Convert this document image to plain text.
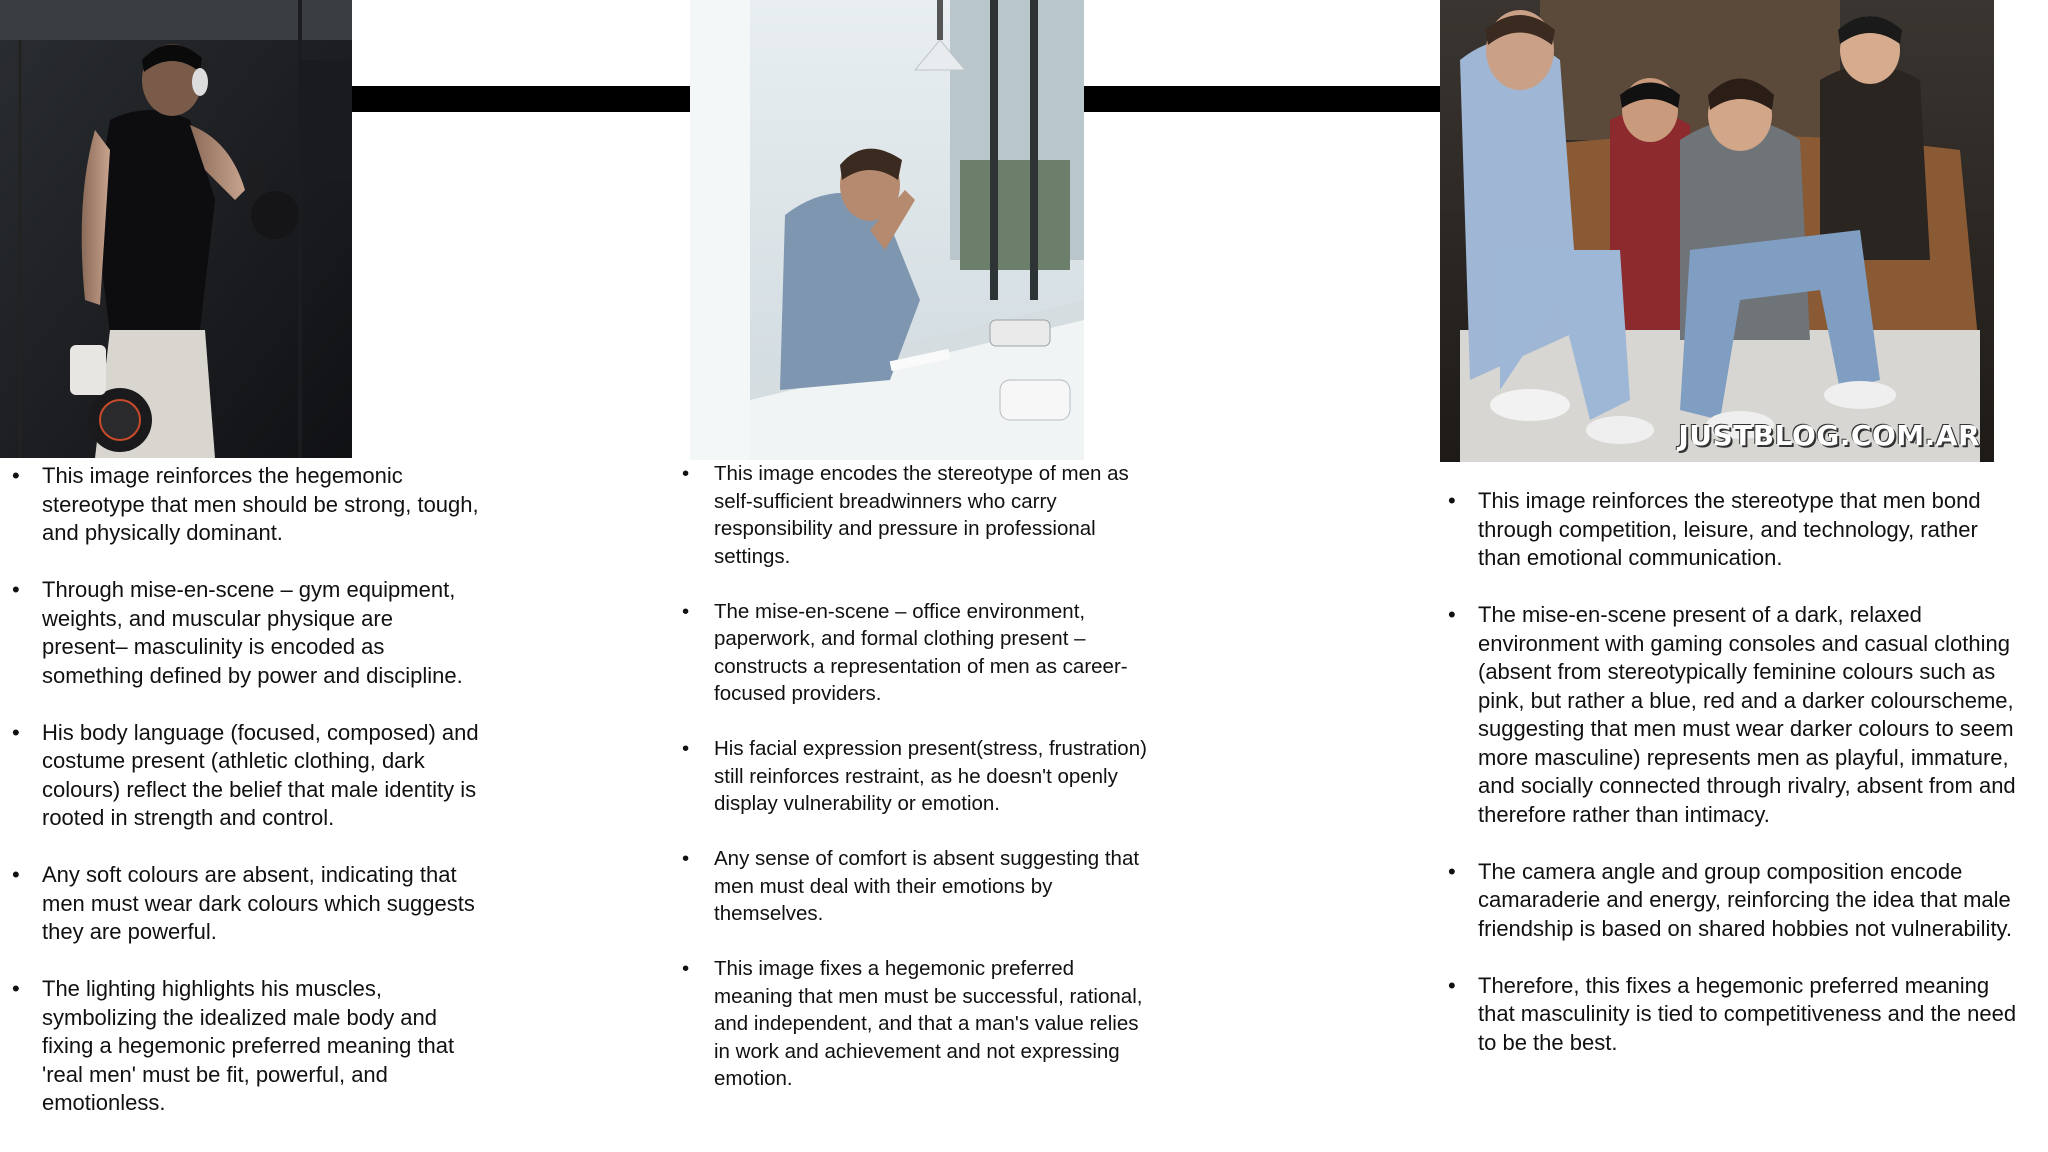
JUSTBLOG.COM.AR
• This image reinforces the hegemonic stereotype that men should be strong, tough, and physically dominant.
• Through mise-en-scene – gym equipment, weights, and muscular physique are present– masculinity is encoded as something defined by power and discipline.
• His body language (focused, composed) and costume present (athletic clothing, dark colours) reflect the belief that male identity is rooted in strength and control.
• Any soft colours are absent, indicating that men must wear dark colours which suggests they are powerful.
• The lighting highlights his muscles, symbolizing the idealized male body and fixing a hegemonic preferred meaning that 'real men' must be fit, powerful, and emotionless.
• This image encodes the stereotype of men as self-sufficient breadwinners who carry responsibility and pressure in professional settings.
• The mise-en-scene – office environment, paperwork, and formal clothing present – constructs a representation of men as career-focused providers.
• His facial expression present(stress, frustration) still reinforces restraint, as he doesn't openly display vulnerability or emotion.
• Any sense of comfort is absent suggesting that men must deal with their emotions by themselves.
• This image fixes a hegemonic preferred meaning that men must be successful, rational, and independent, and that a man's value relies in work and achievement and not expressing emotion.
• This image reinforces the stereotype that men bond through competition, leisure, and technology, rather than emotional communication.
• The mise-en-scene present of a dark, relaxed environment with gaming consoles and casual clothing (absent from stereotypically feminine colours such as pink, but rather a blue, red and a darker colourscheme, suggesting that men must wear darker colours to seem more masculine) represents men as playful, immature, and socially connected through rivalry, absent from and therefore rather than intimacy.
• The camera angle and group composition encode camaraderie and energy, reinforcing the idea that male friendship is based on shared hobbies not vulnerability.
• Therefore, this fixes a hegemonic preferred meaning that masculinity is tied to competitiveness and the need to be the best.
